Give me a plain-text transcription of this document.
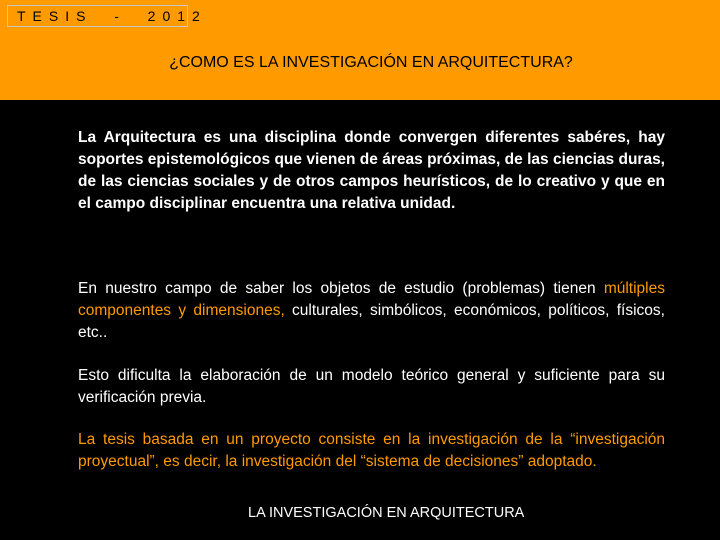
TESIS  -  2012
¿COMO ES LA INVESTIGACIÓN EN ARQUITECTURA?

La Arquitectura es una disciplina donde convergen diferentes sabéres, hay soportes epistemológicos que vienen de áreas próximas, de las ciencias duras, de las ciencias sociales y de otros campos heurísticos, de lo creativo y que en el campo disciplinar encuentra una relativa unidad.

En nuestro campo de saber los objetos de estudio (problemas) tienen múltiples componentes y dimensiones, culturales, simbólicos, económicos, políticos, físicos, etc..

Esto dificulta la elaboración de un modelo teórico general y suficiente para su verificación previa.

La tesis basada en un proyecto consiste en la investigación de la “investigación proyectual”, es decir, la investigación del “sistema de decisiones” adoptado.

LA INVESTIGACIÓN EN ARQUITECTURA
